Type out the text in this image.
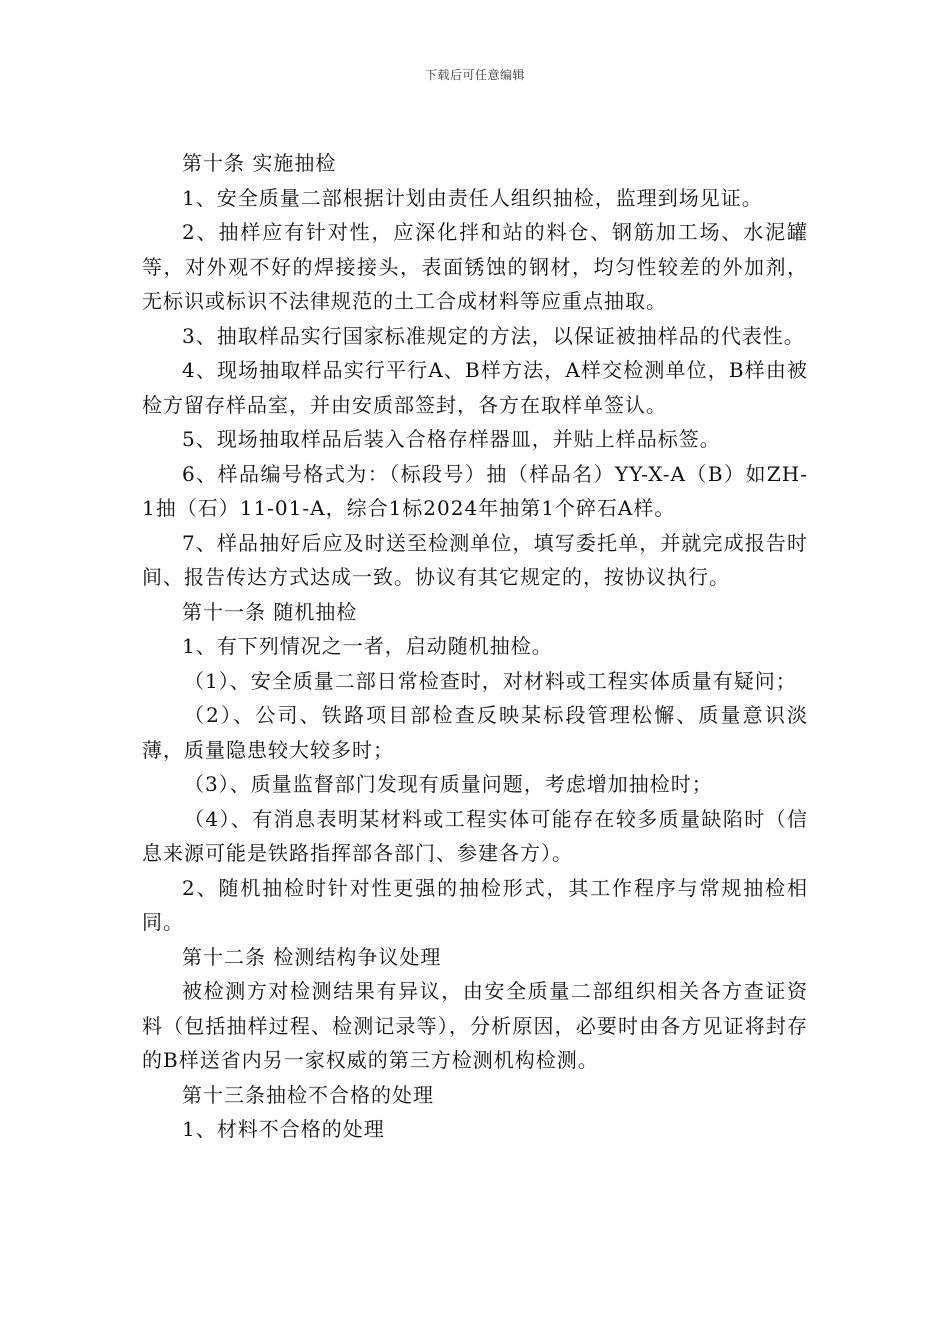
下载后可任意编辑

第十条 实施抽检

1、安全质量二部根据计划由责任人组织抽检，监理到场见证。

2、抽样应有针对性，应深化拌和站的料仓、钢筋加工场、水泥罐等，对外观不好的焊接接头，表面锈蚀的钢材，均匀性较差的外加剂，无标识或标识不法律规范的土工合成材料等应重点抽取。

3、抽取样品实行国家标准规定的方法，以保证被抽样品的代表性。

4、现场抽取样品实行平行A、B样方法，A样交检测单位，B样由被检方留存样品室，并由安质部签封，各方在取样单签认。

5、现场抽取样品后装入合格存样器皿，并贴上样品标签。

6、样品编号格式为：（标段号）抽（样品名）YY-X-A（B）如ZH-1抽（石）11-01-A，综合1标2024年抽第1个碎石A样。

7、样品抽好后应及时送至检测单位，填写委托单，并就完成报告时间、报告传达方式达成一致。协议有其它规定的，按协议执行。

第十一条 随机抽检

1、有下列情况之一者，启动随机抽检。

（1）、安全质量二部日常检查时，对材料或工程实体质量有疑问；

（2）、公司、铁路项目部检查反映某标段管理松懈、质量意识淡薄，质量隐患较大较多时；

（3）、质量监督部门发现有质量问题，考虑增加抽检时；

（4）、有消息表明某材料或工程实体可能存在较多质量缺陷时（信息来源可能是铁路指挥部各部门、参建各方）。

2、随机抽检时针对性更强的抽检形式，其工作程序与常规抽检相同。

第十二条 检测结构争议处理

被检测方对检测结果有异议，由安全质量二部组织相关各方查证资料（包括抽样过程、检测记录等），分析原因，必要时由各方见证将封存的B样送省内另一家权威的第三方检测机构检测。

第十三条抽检不合格的处理

1、材料不合格的处理
